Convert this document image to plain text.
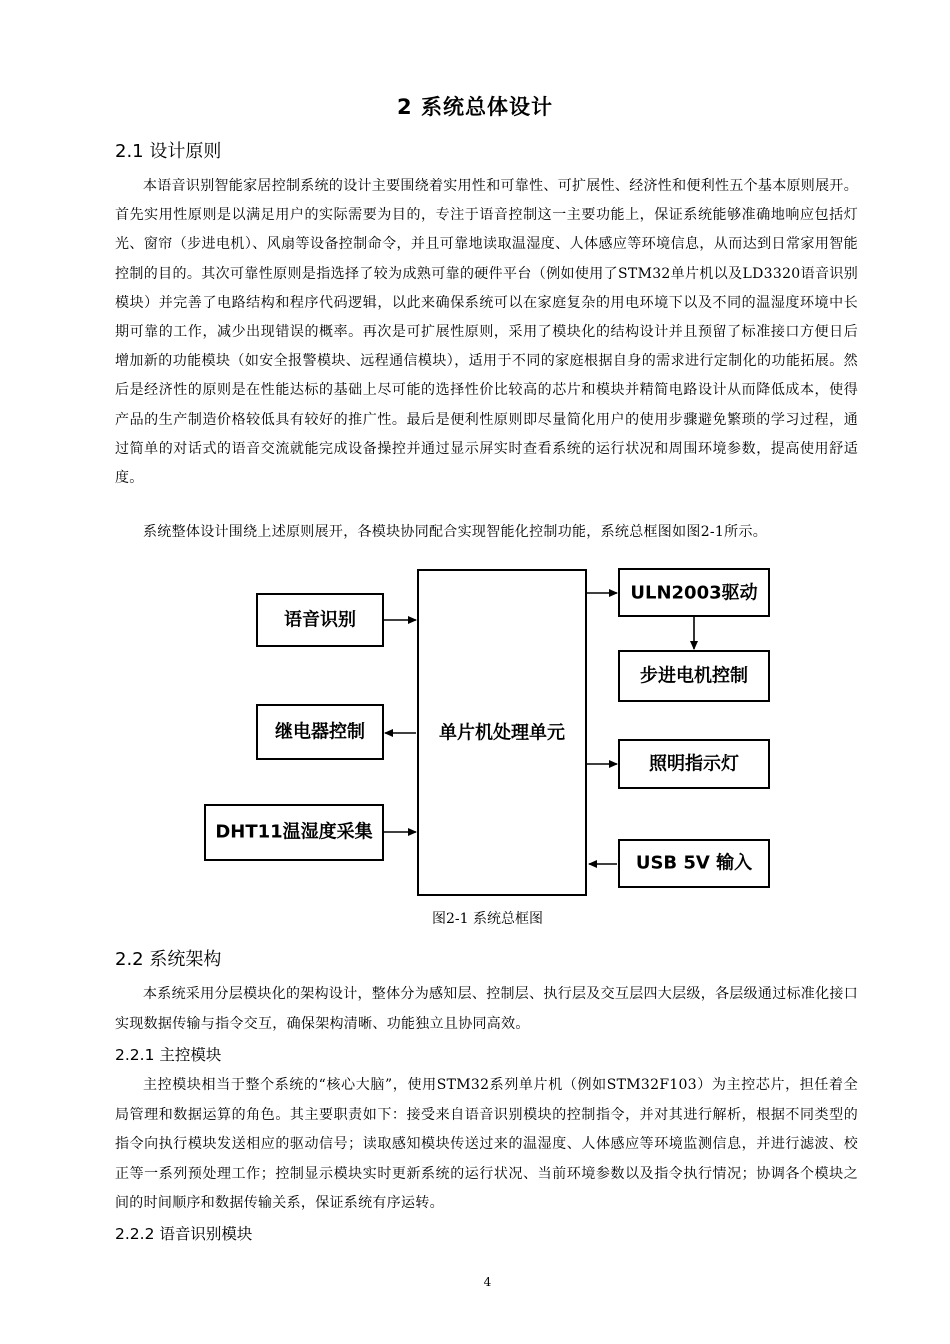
2 系统总体设计
2.1 设计原则
本语音识别智能家居控制系统的设计主要围绕着实用性和可靠性、可扩展性、经济性和便利性五个基本原则展开。首先实用性原则是以满足用户的实际需要为目的，专注于语音控制这一主要功能上，保证系统能够准确地响应包括灯光、窗帘（步进电机）、风扇等设备控制命令，并且可靠地读取温湿度、人体感应等环境信息，从而达到日常家用智能控制的目的。其次可靠性原则是指选择了较为成熟可靠的硬件平台（例如使用了STM32单片机以及LD3320语音识别模块）并完善了电路结构和程序代码逻辑，以此来确保系统可以在家庭复杂的用电环境下以及不同的温湿度环境中长期可靠的工作，减少出现错误的概率。再次是可扩展性原则，采用了模块化的结构设计并且预留了标准接口方便日后增加新的功能模块（如安全报警模块、远程通信模块），适用于不同的家庭根据自身的需求进行定制化的功能拓展。然后是经济性的原则是在性能达标的基础上尽可能的选择性价比较高的芯片和模块并精简电路设计从而降低成本，使得产品的生产制造价格较低具有较好的推广性。最后是便利性原则即尽量简化用户的使用步骤避免繁琐的学习过程，通过简单的对话式的语音交流就能完成设备操控并通过显示屏实时查看系统的运行状况和周围环境参数，提高使用舒适度。
系统整体设计围绕上述原则展开，各模块协同配合实现智能化控制功能，系统总框图如图2-1所示。
单片机处理单元
语音识别
继电器控制
DHT11温湿度采集
ULN2003驱动
步进电机控制
照明指示灯
USB 5V 输入
图2-1 系统总框图
2.2 系统架构
本系统采用分层模块化的架构设计，整体分为感知层、控制层、执行层及交互层四大层级，各层级通过标准化接口实现数据传输与指令交互，确保架构清晰、功能独立且协同高效。
2.2.1 主控模块
主控模块相当于整个系统的“核心大脑”，使用STM32系列单片机（例如STM32F103）为主控芯片，担任着全局管理和数据运算的角色。其主要职责如下：接受来自语音识别模块的控制指令，并对其进行解析，根据不同类型的指令向执行模块发送相应的驱动信号；读取感知模块传送过来的温湿度、人体感应等环境监测信息，并进行滤波、校正等一系列预处理工作；控制显示模块实时更新系统的运行状况、当前环境参数以及指令执行情况；协调各个模块之间的时间顺序和数据传输关系，保证系统有序运转。
2.2.2 语音识别模块
4
